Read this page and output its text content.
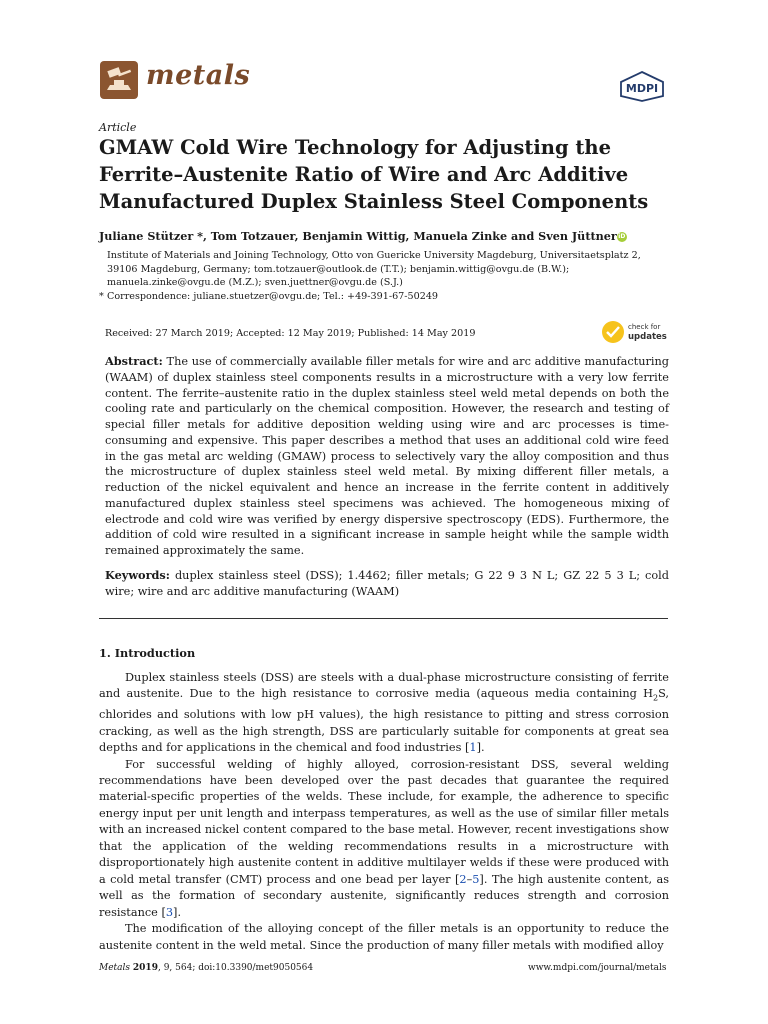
metals	MDPI
Article
GMAW Cold Wire Technology for Adjusting the Ferrite–Austenite Ratio of Wire and Arc Additive Manufactured Duplex Stainless Steel Components
Juliane Stützer *, Tom Totzauer, Benjamin Wittig, Manuela Zinke and Sven JüttneriD
Institute of Materials and Joining Technology, Otto von Guericke University Magdeburg, Universitaetsplatz 2, 39106 Magdeburg, Germany; tom.totzauer@outlook.de (T.T.); benjamin.wittig@ovgu.de (B.W.); manuela.zinke@ovgu.de (M.Z.); sven.juettner@ovgu.de (S.J.)
* Correspondence: juliane.stuetzer@ovgu.de; Tel.: +49-391-67-50249
Received: 27 March 2019; Accepted: 12 May 2019; Published: 14 May 2019
check for
updates
Abstract: The use of commercially available filler metals for wire and arc additive manufacturing (WAAM) of duplex stainless steel components results in a microstructure with a very low ferrite content. The ferrite–austenite ratio in the duplex stainless steel weld metal depends on both the cooling rate and particularly on the chemical composition. However, the research and testing of special filler metals for additive deposition welding using wire and arc processes is time-consuming and expensive. This paper describes a method that uses an additional cold wire feed in the gas metal arc welding (GMAW) process to selectively vary the alloy composition and thus the microstructure of duplex stainless steel weld metal. By mixing different filler metals, a reduction of the nickel equivalent and hence an increase in the ferrite content in additively manufactured duplex stainless steel specimens was achieved. The homogeneous mixing of electrode and cold wire was verified by energy dispersive spectroscopy (EDS). Furthermore, the addition of cold wire resulted in a significant increase in sample height while the sample width remained approximately the same.
Keywords: duplex stainless steel (DSS); 1.4462; filler metals; G 22 9 3 N L; GZ 22 5 3 L; cold wire; wire and arc additive manufacturing (WAAM)
1. Introduction

Duplex stainless steels (DSS) are steels with a dual-phase microstructure consisting of ferrite and austenite. Due to the high resistance to corrosive media (aqueous media containing $H_2S$, chlorides and solutions with low pH values), the high resistance to pitting and stress corrosion cracking, as well as the high strength, DSS are particularly suitable for components at great sea depths and for applications in the chemical and food industries [1].

For successful welding of highly alloyed, corrosion-resistant DSS, several welding recommendations have been developed over the past decades that guarantee the required material-specific properties of the welds. These include, for example, the adherence to specific energy input per unit length and interpass temperatures, as well as the use of similar filler metals with an increased nickel content compared to the base metal. However, recent investigations show that the application of the welding recommendations results in a microstructure with disproportionately high austenite content in additive multilayer welds if these were produced with a cold metal transfer (CMT) process and one bead per layer [2–5]. The high austenite content, as well as the formation of secondary austenite, significantly reduces strength and corrosion resistance [3].

The modification of the alloying concept of the filler metals is an opportunity to reduce the austenite content in the weld metal. Since the production of many filler metals with modified alloy

Metals 2019, 9, 564; doi:10.3390/met9050564	www.mdpi.com/journal/metals
